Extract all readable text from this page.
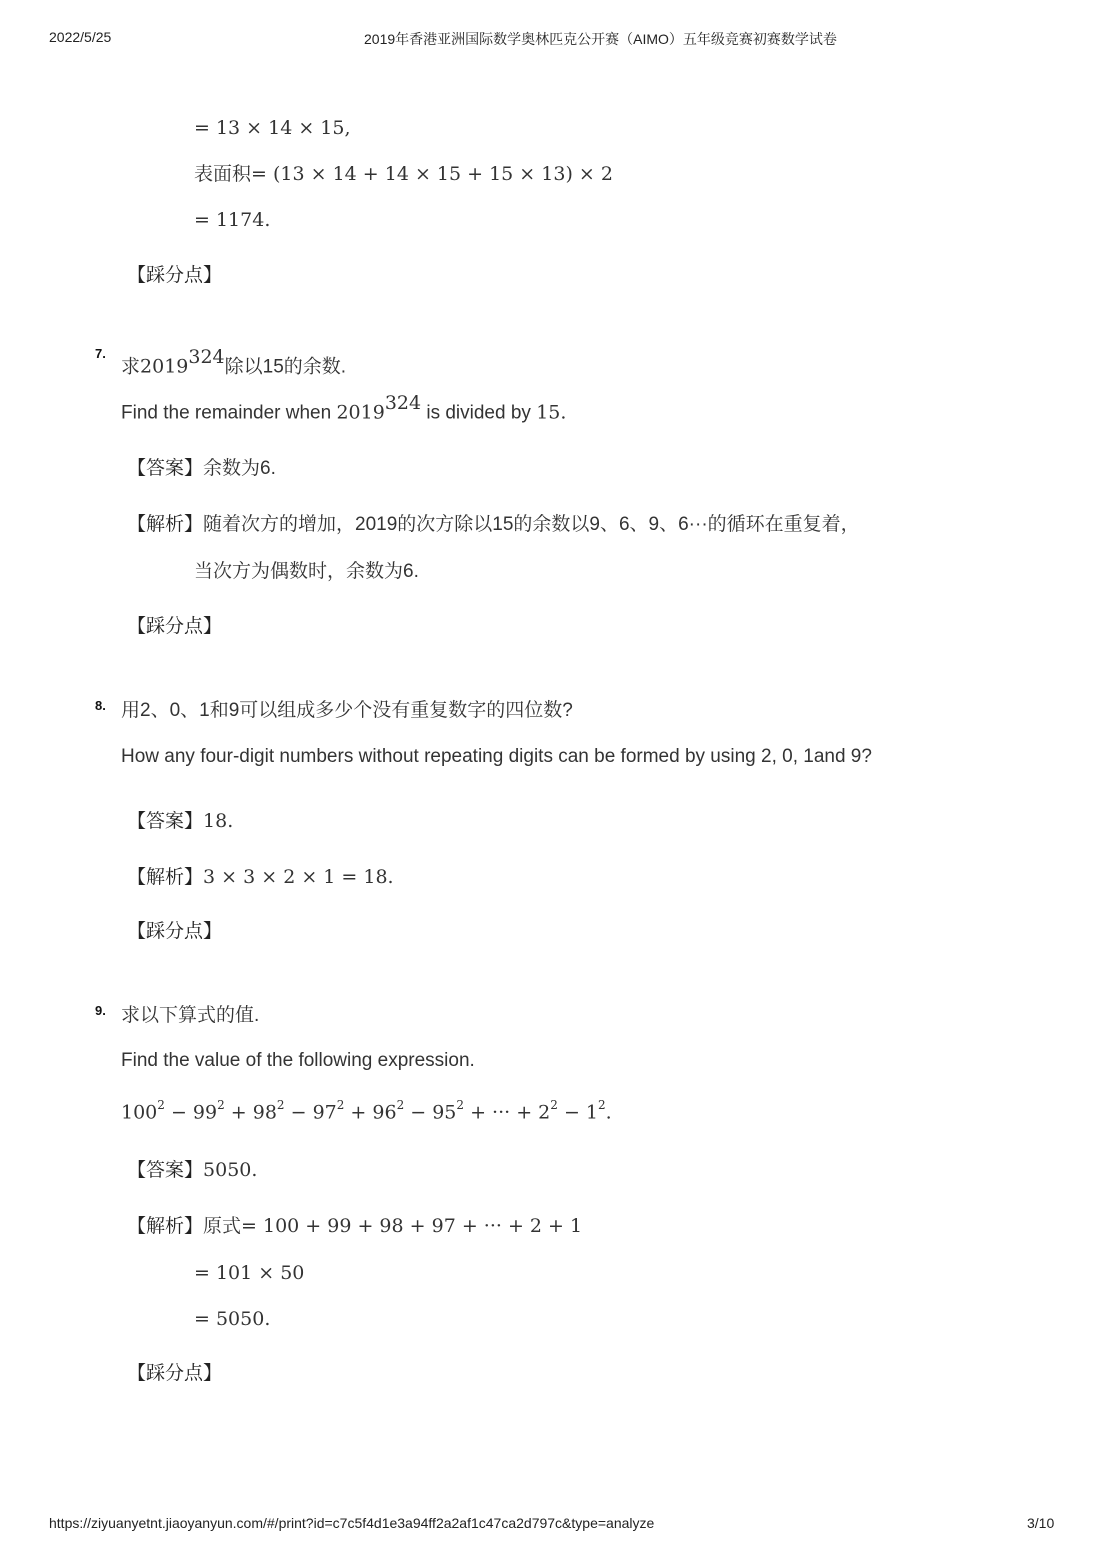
2022/5/25	2019年香港亚洲国际数学奥林匹克公开赛（AIMO）五年级竞赛初赛数学试卷
= 13 × 14 × 15,
表面积= (13 × 14 + 14 × 15 + 15 × 13) × 2
= 1174.
【踩分点】
7.
求2019$^{324}$除以15的余数.
Find the remainder when 2019$^{324}$ is divided by 15.
【答案】余数为6.
【解析】随着次方的增加，2019的次方除以15的余数以9、6、9、6···的循环在重复着，
当次方为偶数时，余数为6.
【踩分点】
8. 用2、0、1和9可以组成多少个没有重复数字的四位数?
How any four-digit numbers without repeating digits can be formed by using 2, 0, 1and 9?
【答案】18.
【解析】3 × 3 × 2 × 1 = 18.
【踩分点】
9. 求以下算式的值.
Find the value of the following expression.
$100^2 - 99^2 + 98^2 - 97^2 + 96^2 - 95^2$ + ··· + $2^2 - 1^2$.
【答案】5050.
【解析】原式= 100 + 99 + 98 + 97 + ··· + 2 + 1
= 101 × 50
= 5050.
【踩分点】
https://ziyuanyetnt.jiaoyanyun.com/#/print?id=c7c5f4d1e3a94ff2a2af1c47ca2d797c&type=analyze	3/10
